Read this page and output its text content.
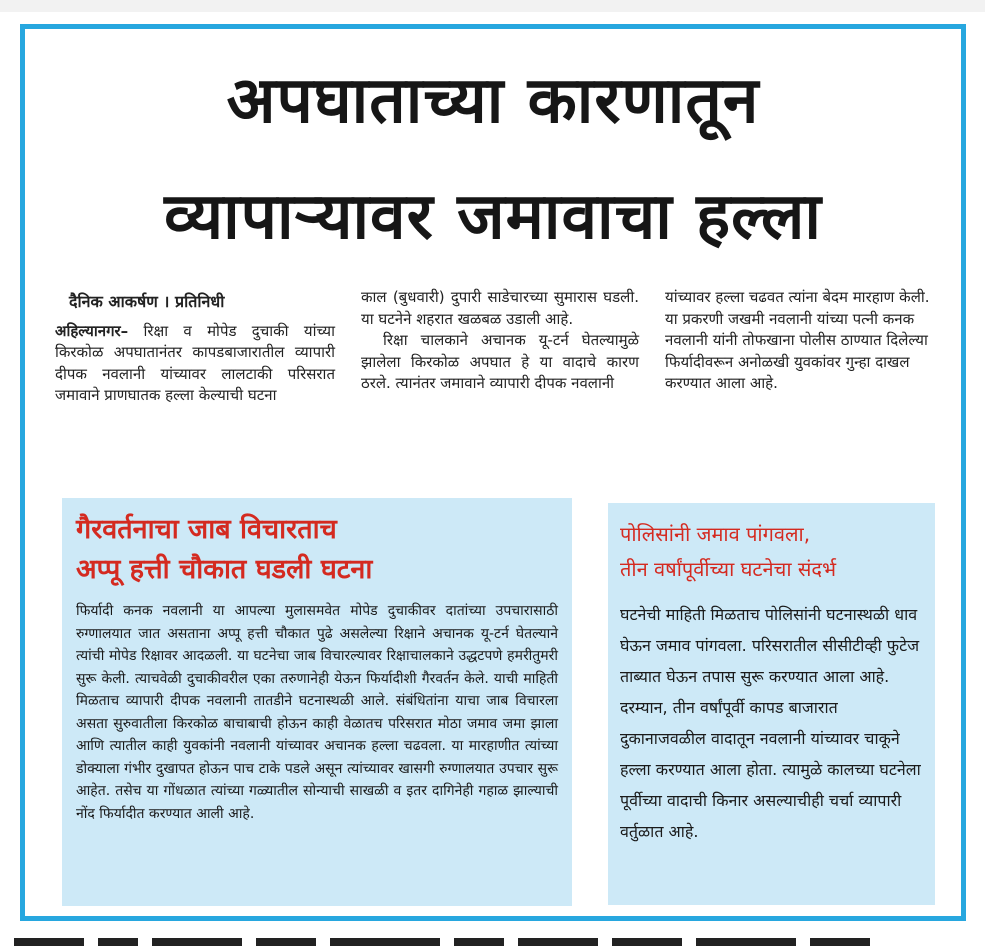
अपघाताच्या कारणातून
व्यापाऱ्यावर जमावाचा हल्ला
दैनिक आकर्षण । प्रतिनिधी

अहिल्यानगर– रिक्षा व मोपेड दुचाकी यांच्या किरकोळ अपघातानंतर कापडबाजारातील व्यापारी दीपक नवलानी यांच्यावर लालटाकी परिसरात जमावाने प्राणघातक हल्ला केल्याची घटना

काल (बुधवारी) दुपारी साडेचारच्या सुमारास घडली. या घटनेने शहरात खळबळ उडाली आहे.

रिक्षा चालकाने अचानक यू-टर्न घेतल्यामुळे झालेला किरकोळ अपघात हे या वादाचे कारण ठरले. त्यानंतर जमावाने व्यापारी दीपक नवलानी

यांच्यावर हल्ला चढवत त्यांना बेदम मारहाण केली. या प्रकरणी जखमी नवलानी यांच्या पत्नी कनक नवलानी यांनी तोफखाना पोलीस ठाण्यात दिलेल्या फिर्यादीवरून अनोळखी युवकांवर गुन्हा दाखल करण्यात आला आहे.

गैरवर्तनाचा जाब विचारताच
अप्पू हत्ती चौकात घडली घटना
फिर्यादी कनक नवलानी या आपल्या मुलासमवेत मोपेड दुचाकीवर दातांच्या उपचारासाठी रुग्णालयात जात असताना अप्पू हत्ती चौकात पुढे असलेल्या रिक्षाने अचानक यू-टर्न घेतल्याने त्यांची मोपेड रिक्षावर आदळली. या घटनेचा जाब विचारल्यावर रिक्षाचालकाने उद्धटपणे हमरीतुमरी सुरू केली. त्याचवेळी दुचाकीवरील एका तरुणानेही येऊन फिर्यादीशी गैरवर्तन केले. याची माहिती मिळताच व्यापारी दीपक नवलानी तातडीने घटनास्थळी आले. संबंधितांना याचा जाब विचारला असता सुरुवातीला किरकोळ बाचाबाची होऊन काही वेळातच परिसरात मोठा जमाव जमा झाला आणि त्यातील काही युवकांनी नवलानी यांच्यावर अचानक हल्ला चढवला. या मारहाणीत त्यांच्या डोक्याला गंभीर दुखापत होऊन पाच टाके पडले असून त्यांच्यावर खासगी रुग्णालयात उपचार सुरू आहेत. तसेच या गोंधळात त्यांच्या गळ्यातील सोन्याची साखळी व इतर दागिनेही गहाळ झाल्याची नोंद फिर्यादीत करण्यात आली आहे.
पोलिसांनी जमाव पांगवला,
तीन वर्षांपूर्वीच्या घटनेचा संदर्भ
घटनेची माहिती मिळताच पोलिसांनी घटनास्थळी धाव घेऊन जमाव पांगवला. परिसरातील सीसीटीव्ही फुटेज ताब्यात घेऊन तपास सुरू करण्यात आला आहे. दरम्यान, तीन वर्षांपूर्वी कापड बाजारात दुकानाजवळील वादातून नवलानी यांच्यावर चाकूने हल्ला करण्यात आला होता. त्यामुळे कालच्या घटनेला पूर्वीच्या वादाची किनार असल्याचीही चर्चा व्यापारी वर्तुळात आहे.
